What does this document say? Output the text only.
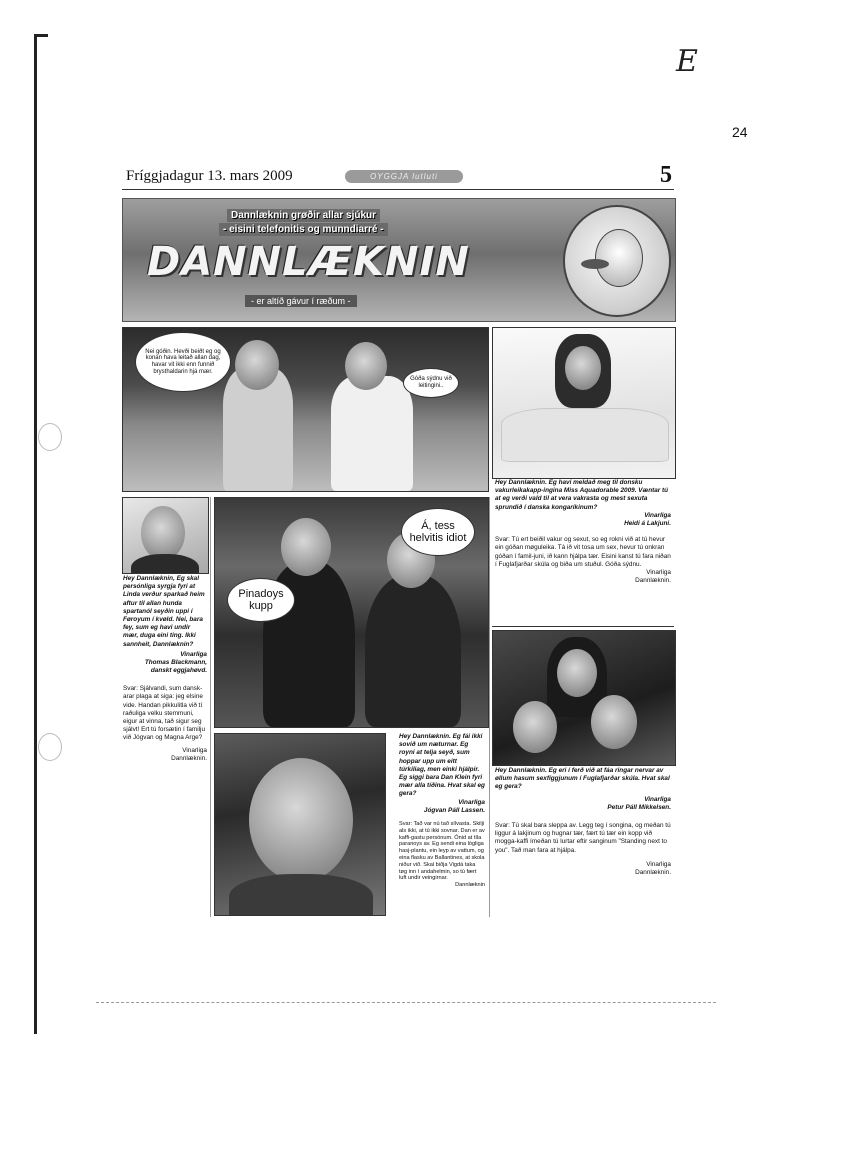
E
24
Fríggjadagur 13. mars 2009	OYGGJA lutluti	5
Dannlæknin grøðir allar sjúkur
- eisini telefonitis og munndiarré -
DANNLÆKNIN
- er altíð gávur í ræðum -
Nei góðin. Hevði beiðt eg og konan hava leitað allan dag, havar vit ikki enn funnið brysthaldarin hjá mær.
Góða sýdnu við leitingini..
Hey Dannlæknin. Eg havi meldað meg til donsku vakurleikakapp-ingina Miss Aquadorable 2009. Væntar tú at eg verði vald til at vera vakrasta og mest sexuta sprundið í danska kongaríkinum?
Vinarliga
Heidi á Lakjuni.
Svar: Tú ert beiðil vakur og sexut, so eg rokni við at tú hevur ein góðan møguleika. Tá ið vit tosa um sex, hevur tú onkran góðan í famil-juni, ið kann hjálpa tær. Eisini kanst tú fara niðan í Fuglafjarðar skúla og biða um stuðul. Góða sýdnu.
Vinarliga
Dannlæknin.
Hey Dannlæknin. Eg eri í ferð við at fáa ringar nervar av øllum hasum sexfíggjunum í Fuglafjarðar skúla. Hvat skal eg gera?
Vinarliga
Petur Páll Mikkelsen.
Svar: Tú skal bara sleppa av. Legg teg í songina, og meðan tú liggur á lakjinum og hugnar tær, fært tú tær ein kopp við mogga-kaffi ímeðan tú lurtar eftir sanginum "Standing next to you". Tað man fara at hjálpa.
Vinarliga
Dannlæknin.
Hey Dannlæknin, Eg skal persónliga syrgja fyri at Linda verður sparkað heim aftur til allan hunda spartanól seyðin uppi í Føroyum í kvøld. Nei, bara fey, sum eg havi undir mær, duga eini ting. Ikki sannheit, Dannlæknin?
Vinarliga
Thomas Blackmann,
danskt eggjahøvd.
Svar: Sjálvandi, sum dansk-arar plaga at siga: jeg elsine vide. Handan pikkulitla við tí raðuliga velku stemmuni, eigur at vinna, tað sigur seg sjálvt! Ert tú forsætin í familju við Jógvan og Magna Arge?
Vinarliga
Dannlæknin.
Á, tess helvitis idiot
Pinadoys kupp
Hey Dannlæknin. Eg fái ikki sovið um næturnar. Eg royni at telja seyð, sum hoppar upp um eitt túrkiliag, men einki hjálpir. Eg siggi bara Dan Klein fyri mær alla tíðina. Hvat skal eg gera?
Vinarliga
Jógvan Páll Lassen.
Svar: Tað var nú tað sílvasta. Skilji als ikki, at tú ikki sovnar. Dan er av kaffi-gastu persónum. Ónid at tíla paranoys av. Eg sendi eina lógliga hasj-plantu, ein leyp av vattum, og eina flasku av Ballantines, at skola niður við. Skal biðja Vigdá taka tøg inn í andahelmin, so tú fært luft undir veingirnar.
Dannlæknin
